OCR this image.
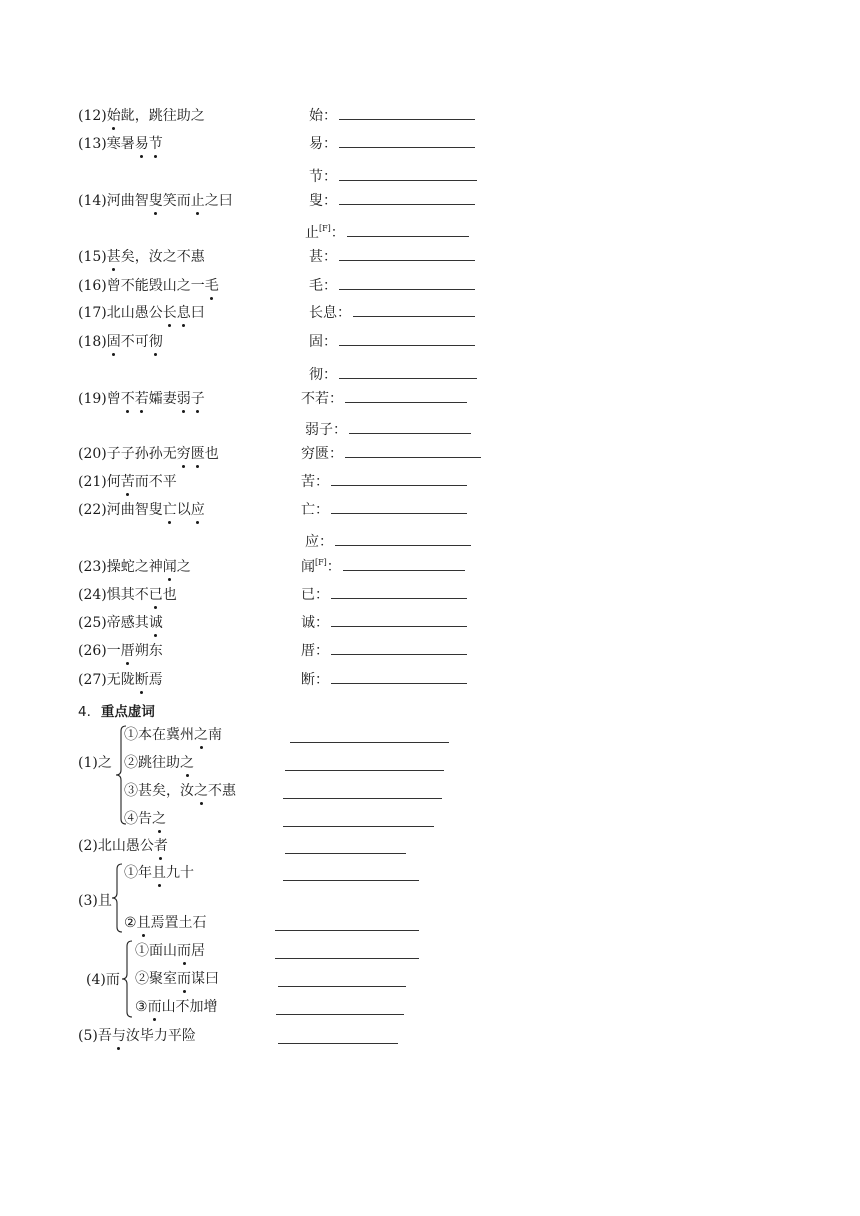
(12)始龀，跳往助之	始：
(13)寒暑易节	易：
节：
(14)河曲智叟笑而止之曰	叟：
止[F]：
(15)甚矣，汝之不惠	甚：
(16)曾不能毁山之一毛	毛：
(17)北山愚公长息曰	长息：
(18)固不可彻	固：
彻：
(19)曾不若孀妻弱子	不若：
弱子：
(20)子子孙孙无穷匮也	穷匮：
(21)何苦而不平	苦：
(22)河曲智叟亡以应	亡：
应：
(23)操蛇之神闻之	闻[F]：
(24)惧其不已也	已：
(25)帝感其诚	诚：
(26)一厝朔东	厝：
(27)无陇断焉	断：
4. 重点虚词
(1)之
①本在冀州之南
②跳往助之
③甚矣，汝之不惠
④告之
(2)北山愚公者
(3)且
①年且九十
②且焉置土石
(4)而
①面山而居
②聚室而谋曰
③而山不加增
(5)吾与汝毕力平险
